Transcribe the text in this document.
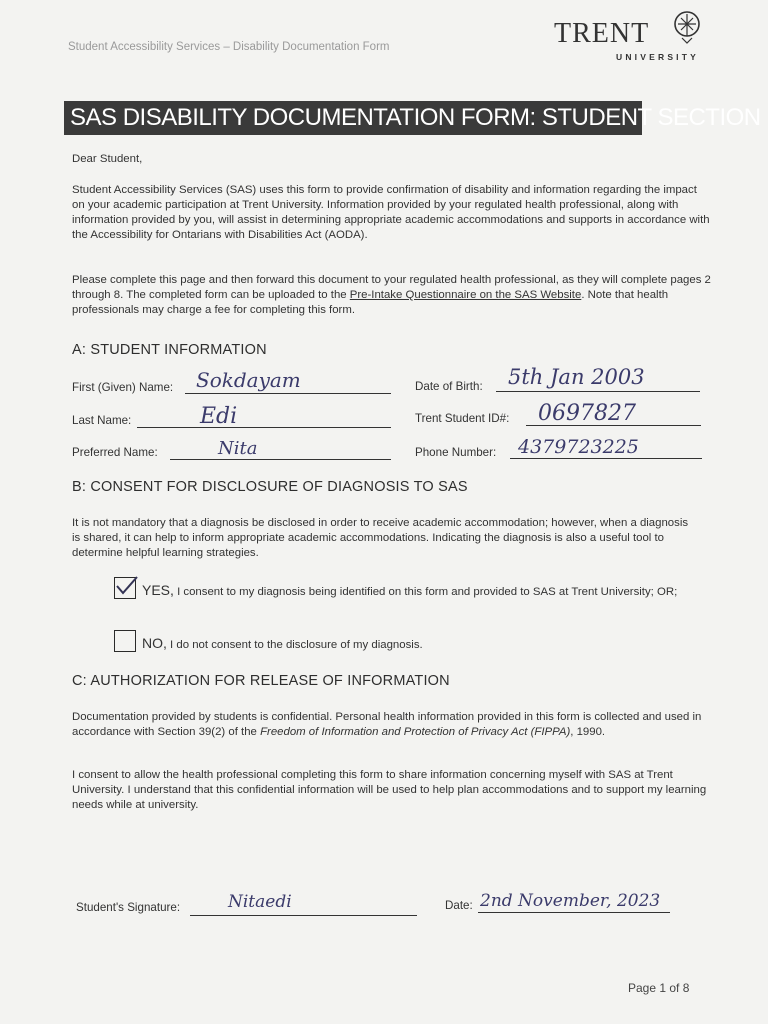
Student Accessibility Services – Disability Documentation Form	TRENT
UNIVERSITY
SAS DISABILITY DOCUMENTATION FORM: STUDENT SECTION
Dear Student,
Student Accessibility Services (SAS) uses this form to provide confirmation of disability and information regarding the impact on your academic participation at Trent University. Information provided by your regulated health professional, along with information provided by you, will assist in determining appropriate academic accommodations and supports in accordance with the Accessibility for Ontarians with Disabilities Act (AODA).
Please complete this page and then forward this document to your regulated health professional, as they will complete pages 2 through 8. The completed form can be uploaded to the Pre-Intake Questionnaire on the SAS Website. Note that health professionals may charge a fee for completing this form.
A: STUDENT INFORMATION
First (Given) Name: Sokdayam
Last Name:	Edi
Preferred Name:	Nita
Date of Birth: 5th Jan 2003
Trent Student ID#: 0697827
Phone Number: 4379723225
B: CONSENT FOR DISCLOSURE OF DIAGNOSIS TO SAS
It is not mandatory that a diagnosis be disclosed in order to receive academic accommodation; however, when a diagnosis is shared, it can help to inform appropriate academic accommodations. Indicating the diagnosis is also a useful tool to determine helpful learning strategies.
YES, I consent to my diagnosis being identified on this form and provided to SAS at Trent University; OR;
NO, I do not consent to the disclosure of my diagnosis.
C: AUTHORIZATION FOR RELEASE OF INFORMATION
Documentation provided by students is confidential. Personal health information provided in this form is collected and used in accordance with Section 39(2) of the Freedom of Information and Protection of Privacy Act (FIPPA), 1990.
I consent to allow the health professional completing this form to share information concerning myself with SAS at Trent University. I understand that this confidential information will be used to help plan accommodations and to support my learning needs while at university.
Student's Signature:	Nitaedi	Date: 2nd November, 2023
Page 1 of 8
